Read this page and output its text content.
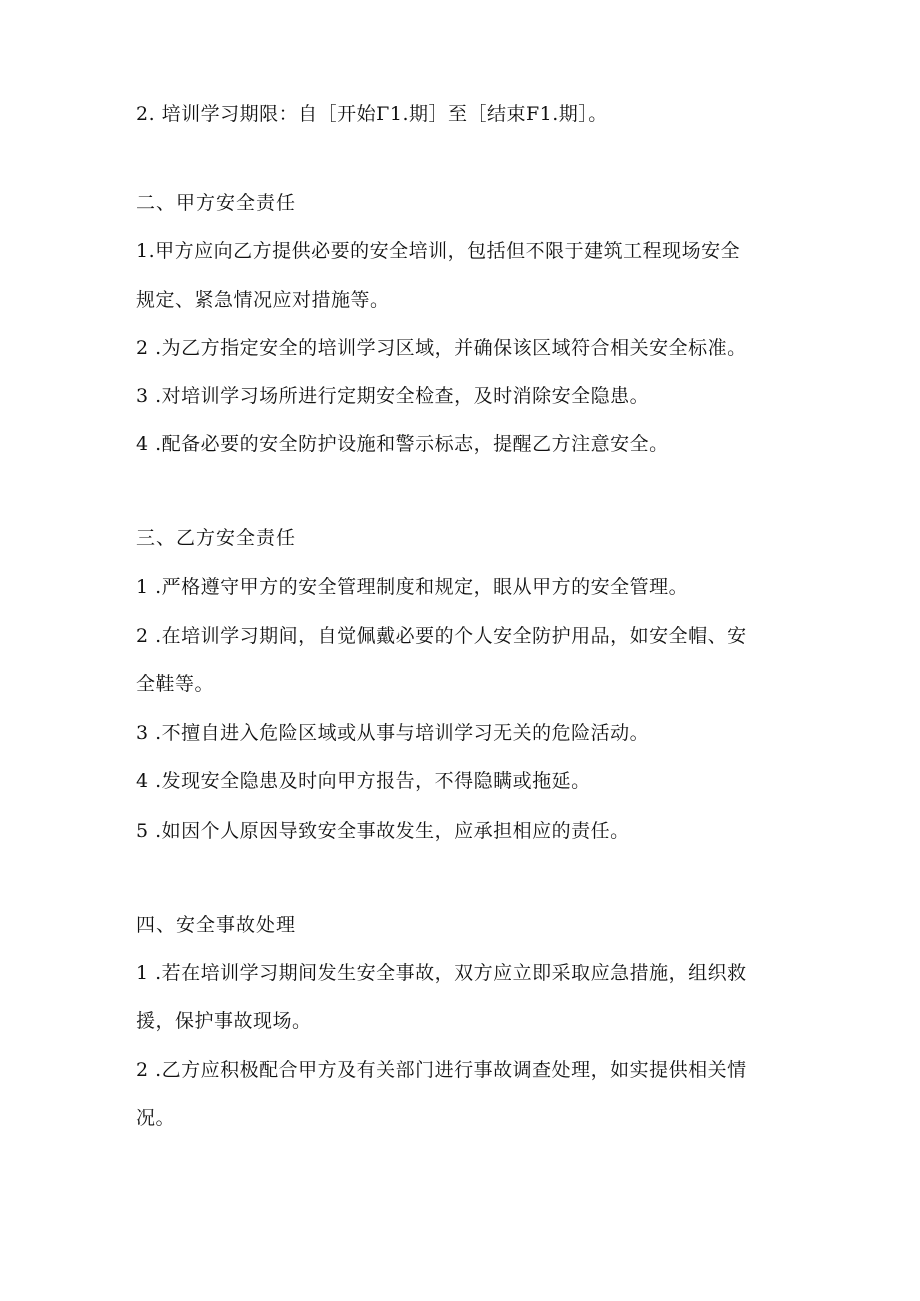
2. 培训学习期限：自［开始Γ1.期］至［结束F1.期］。
二、甲方安全责任
1.甲方应向乙方提供必要的安全培训，包括但不限于建筑工程现场安全
规定、紧急情况应对措施等。
2 .为乙方指定安全的培训学习区域，并确保该区域符合相关安全标准。
3 .对培训学习场所进行定期安全检查，及时消除安全隐患。
4 .配备必要的安全防护设施和警示标志，提醒乙方注意安全。
三、乙方安全责任
1 .严格遵守甲方的安全管理制度和规定，眼从甲方的安全管理。
2 .在培训学习期间，自觉佩戴必要的个人安全防护用品，如安全帽、安
全鞋等。
3 .不擅自进入危险区域或从事与培训学习无关的危险活动。
4 .发现安全隐患及时向甲方报告，不得隐瞒或拖延。
5 .如因个人原因导致安全事故发生，应承担相应的责任。
四、安全事故处理
1 .若在培训学习期间发生安全事故，双方应立即采取应急措施，组织救
援，保护事故现场。
2 .乙方应积极配合甲方及有关部门进行事故调查处理，如实提供相关情
况。
